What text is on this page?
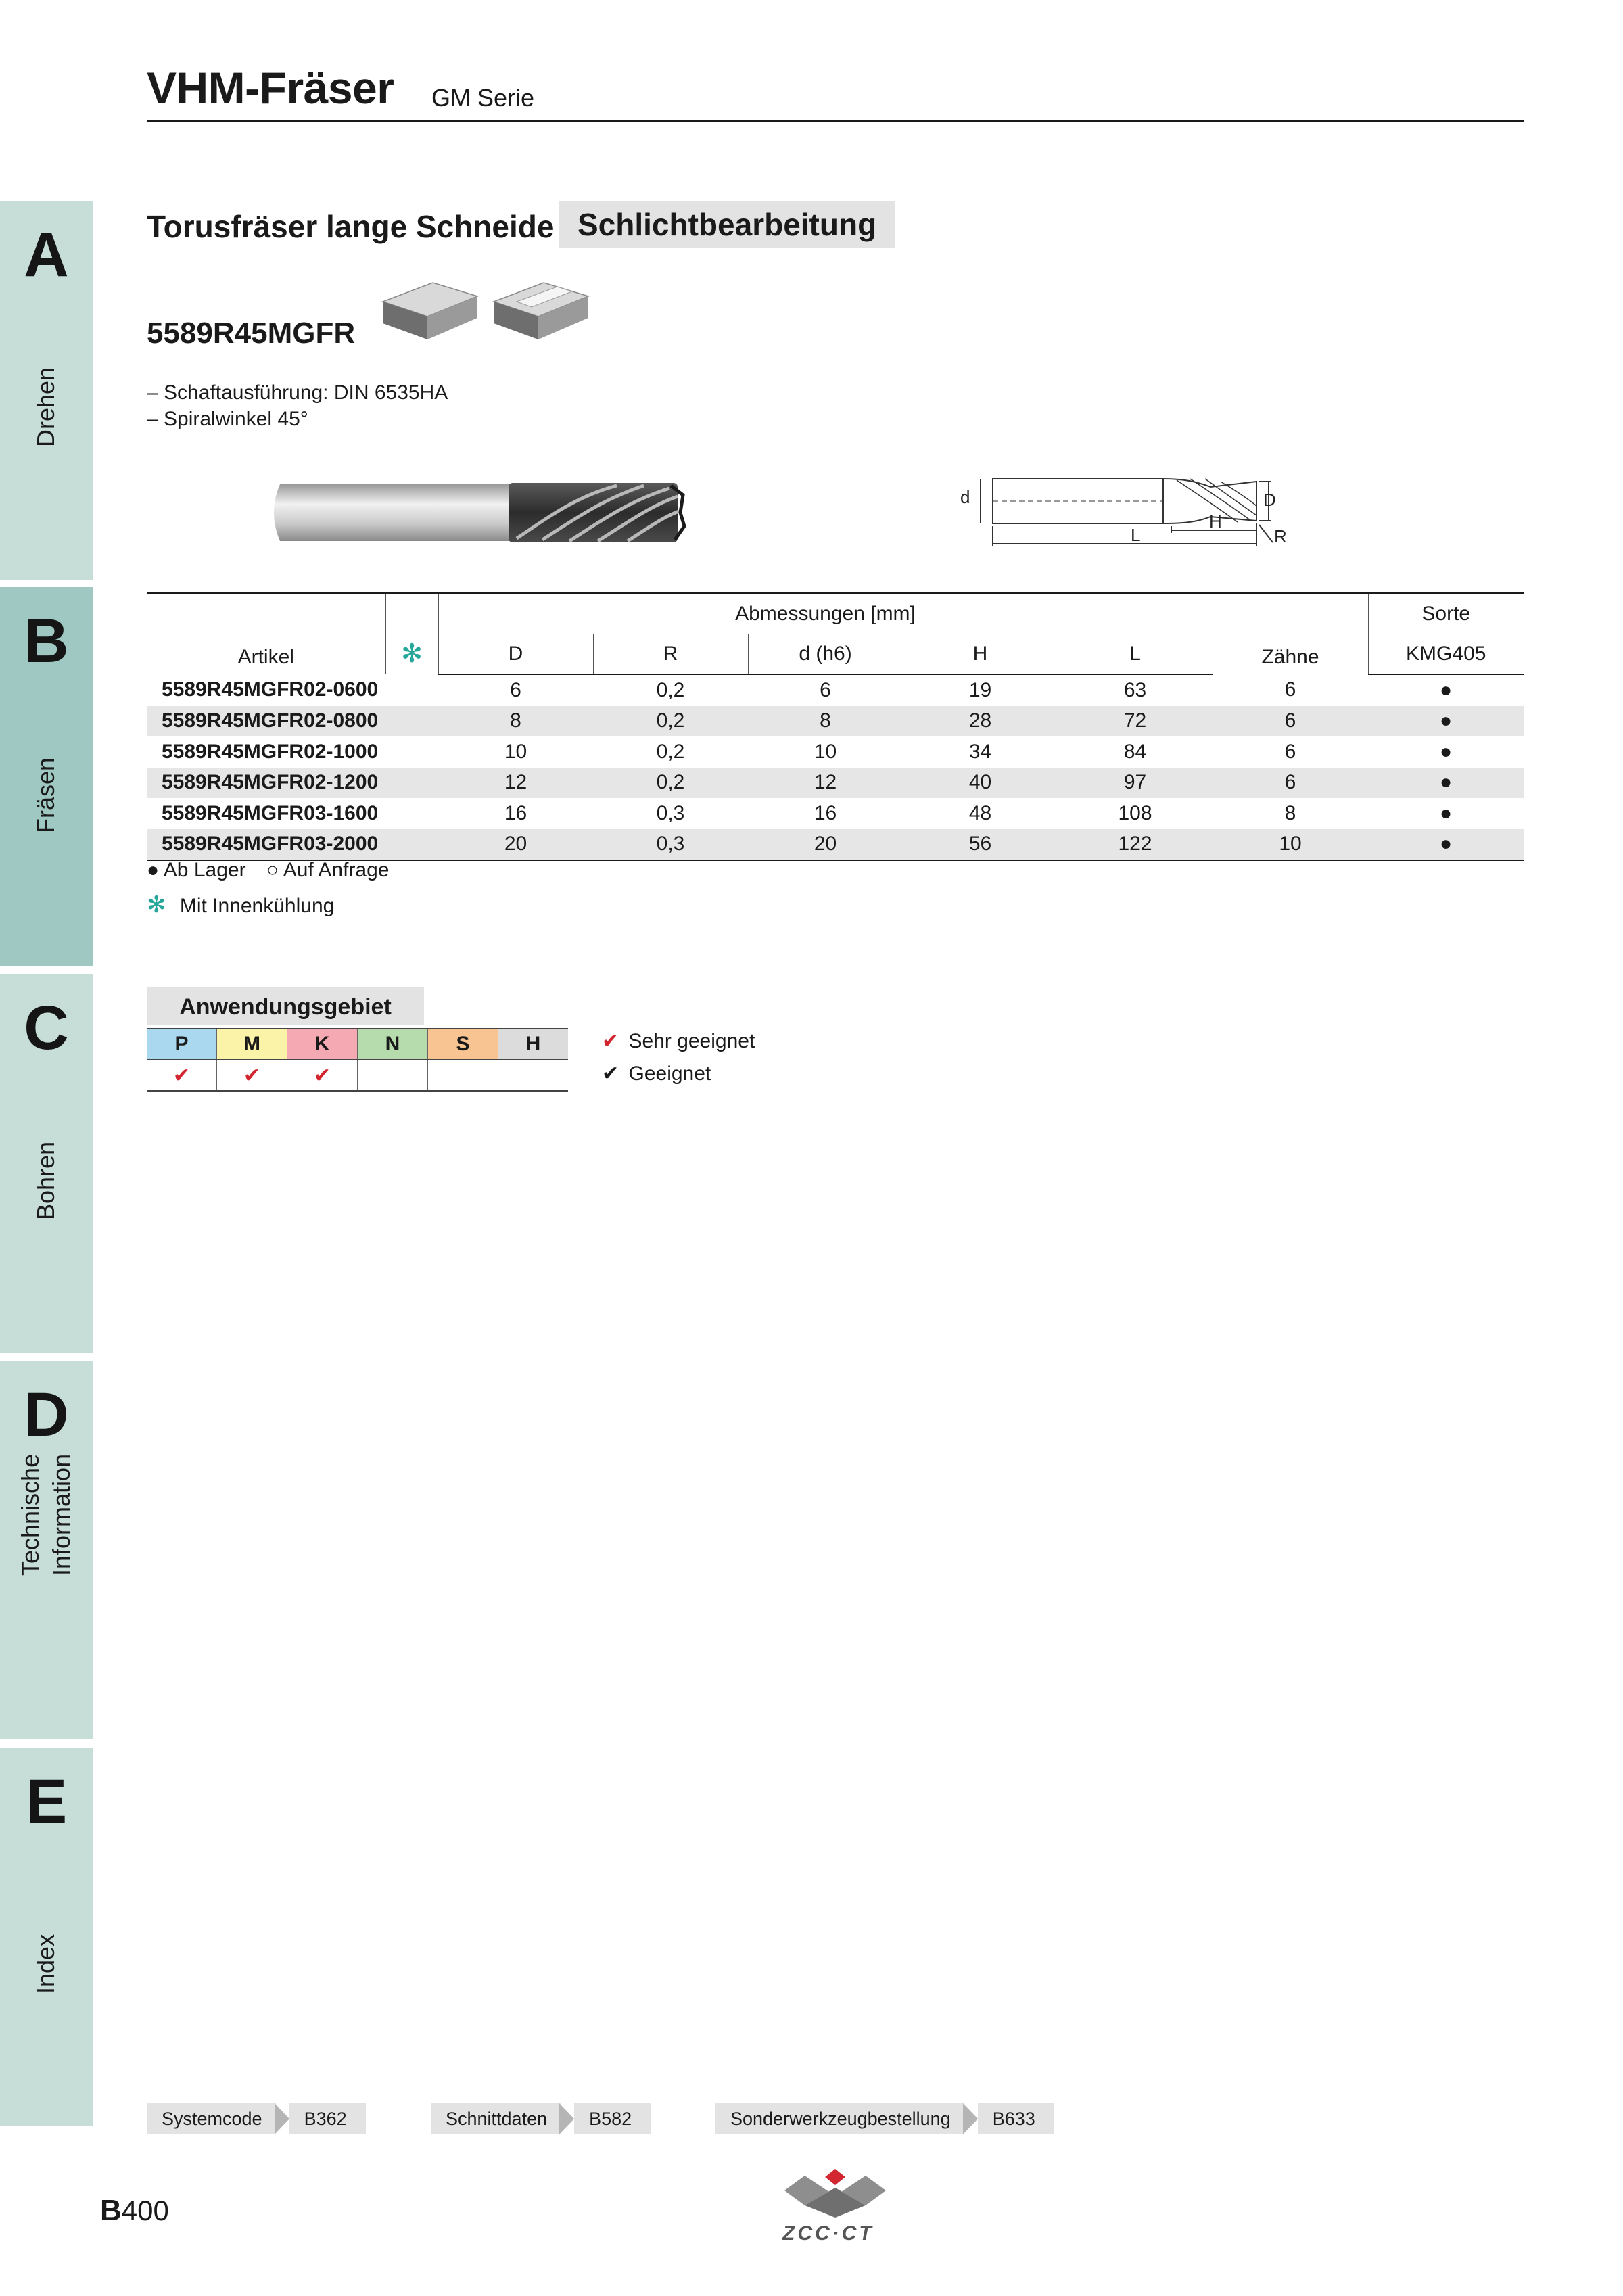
VHM-Fräser GM Serie
A
Drehen
B
Fräsen
C
Bohren
D
Technische Information
E
Index
Torusfräser lange Schneide Schlichtbearbeitung
5589R45MGFR
– Schaftausführung: DIN 6535HA
– Spiralwinkel 45°
d	D
H
L	R
Artikel	✻	Abmessungen [mm]					Zähne	Sorte
		D	R	d (h6)	H	L		KMG405
5589R45MGFR02-0600		6	0,2	6	19	63	6	●
5589R45MGFR02-0800		8	0,2	8	28	72	6	●
5589R45MGFR02-1000		10	0,2	10	34	84	6	●
5589R45MGFR02-1200		12	0,2	12	40	97	6	●
5589R45MGFR03-1600		16	0,3	16	48	108	8	●
5589R45MGFR03-2000		20	0,3	20	56	122	10	●
● Ab Lager ○ Auf Anfrage
✻ Mit Innenkühlung
Anwendungsgebiet
P	M	K	N	S	H
✔	✔	✔			
✔ Sehr geeignet
✔ Geeignet
Systemcode B362	Schnittdaten B582	Sonderwerkzeugbestellung B633
B400
ZCC·CT
